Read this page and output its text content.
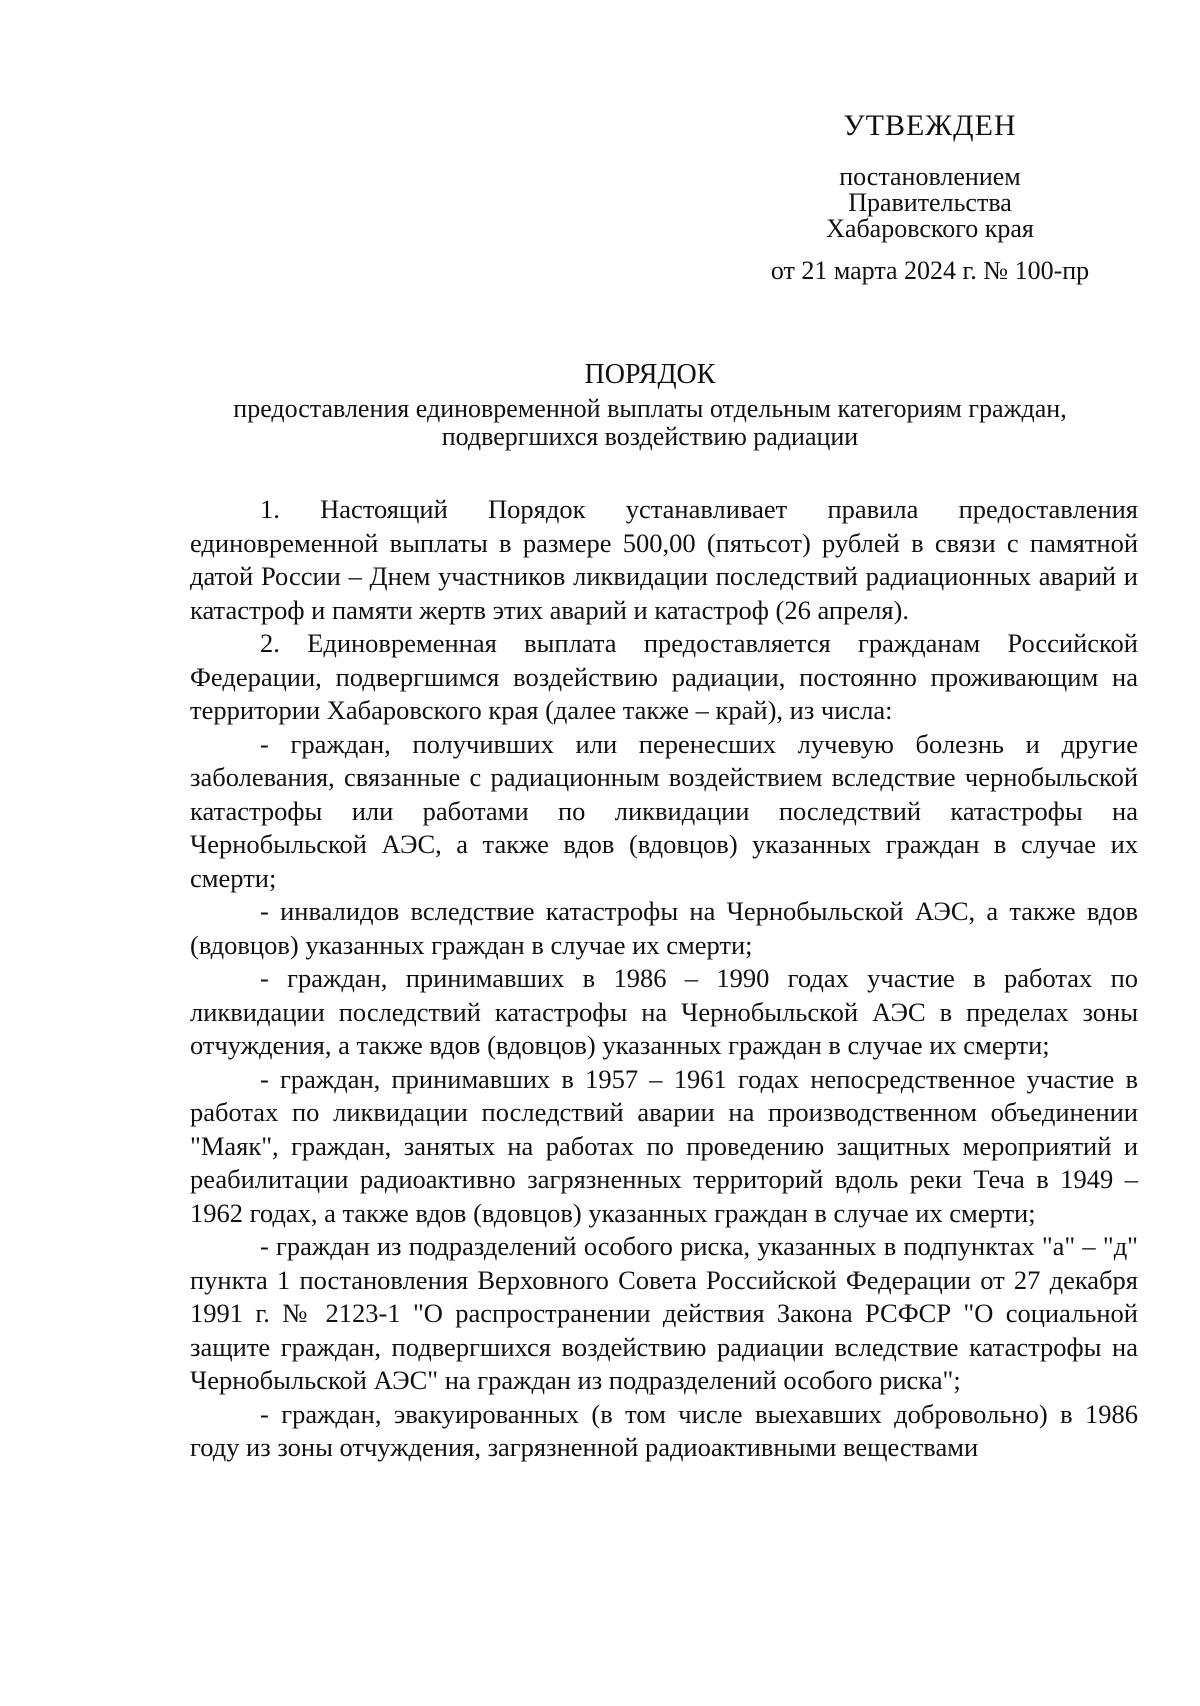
УТВЕЖДЕН
постановлением
Правительства
Хабаровского края
от 21 марта 2024 г. № 100-пр
ПОРЯДОК
предоставления единовременной выплаты отдельным категориям граждан,
подвергшихся воздействию радиации

1. Настоящий Порядок устанавливает правила предоставления единовременной выплаты в размере 500,00 (пятьсот) рублей в связи с памятной датой России – Днем участников ликвидации последствий радиационных аварий и катастроф и памяти жертв этих аварий и катастроф (26 апреля).

2. Единовременная выплата предоставляется гражданам Российской Федерации, подвергшимся воздействию радиации, постоянно проживающим на территории Хабаровского края (далее также – край), из числа:

- граждан, получивших или перенесших лучевую болезнь и другие заболевания, связанные с радиационным воздействием вследствие чернобыльской катастрофы или работами по ликвидации последствий катастрофы на Чернобыльской АЭС, а также вдов (вдовцов) указанных граждан в случае их смерти;

- инвалидов вследствие катастрофы на Чернобыльской АЭС, а также вдов (вдовцов) указанных граждан в случае их смерти;

- граждан, принимавших в 1986 – 1990 годах участие в работах по ликвидации последствий катастрофы на Чернобыльской АЭС в пределах зоны отчуждения, а также вдов (вдовцов) указанных граждан в случае их смерти;

- граждан, принимавших в 1957 – 1961 годах непосредственное участие в работах по ликвидации последствий аварии на производственном объединении "Маяк", граждан, занятых на работах по проведению защитных мероприятий и реабилитации радиоактивно загрязненных территорий вдоль реки Теча в 1949 – 1962 годах, а также вдов (вдовцов) указанных граждан в случае их смерти;

- граждан из подразделений особого риска, указанных в подпунктах "а" – "д" пункта 1 постановления Верховного Совета Российской Федерации от 27 декабря 1991 г. № 2123-1 "О распространении действия Закона РСФСР "О социальной защите граждан, подвергшихся воздействию радиации вследствие катастрофы на Чернобыльской АЭС" на граждан из подразделений особого риска";

- граждан, эвакуированных (в том числе выехавших добровольно) в 1986 году из зоны отчуждения, загрязненной радиоактивными веществами
